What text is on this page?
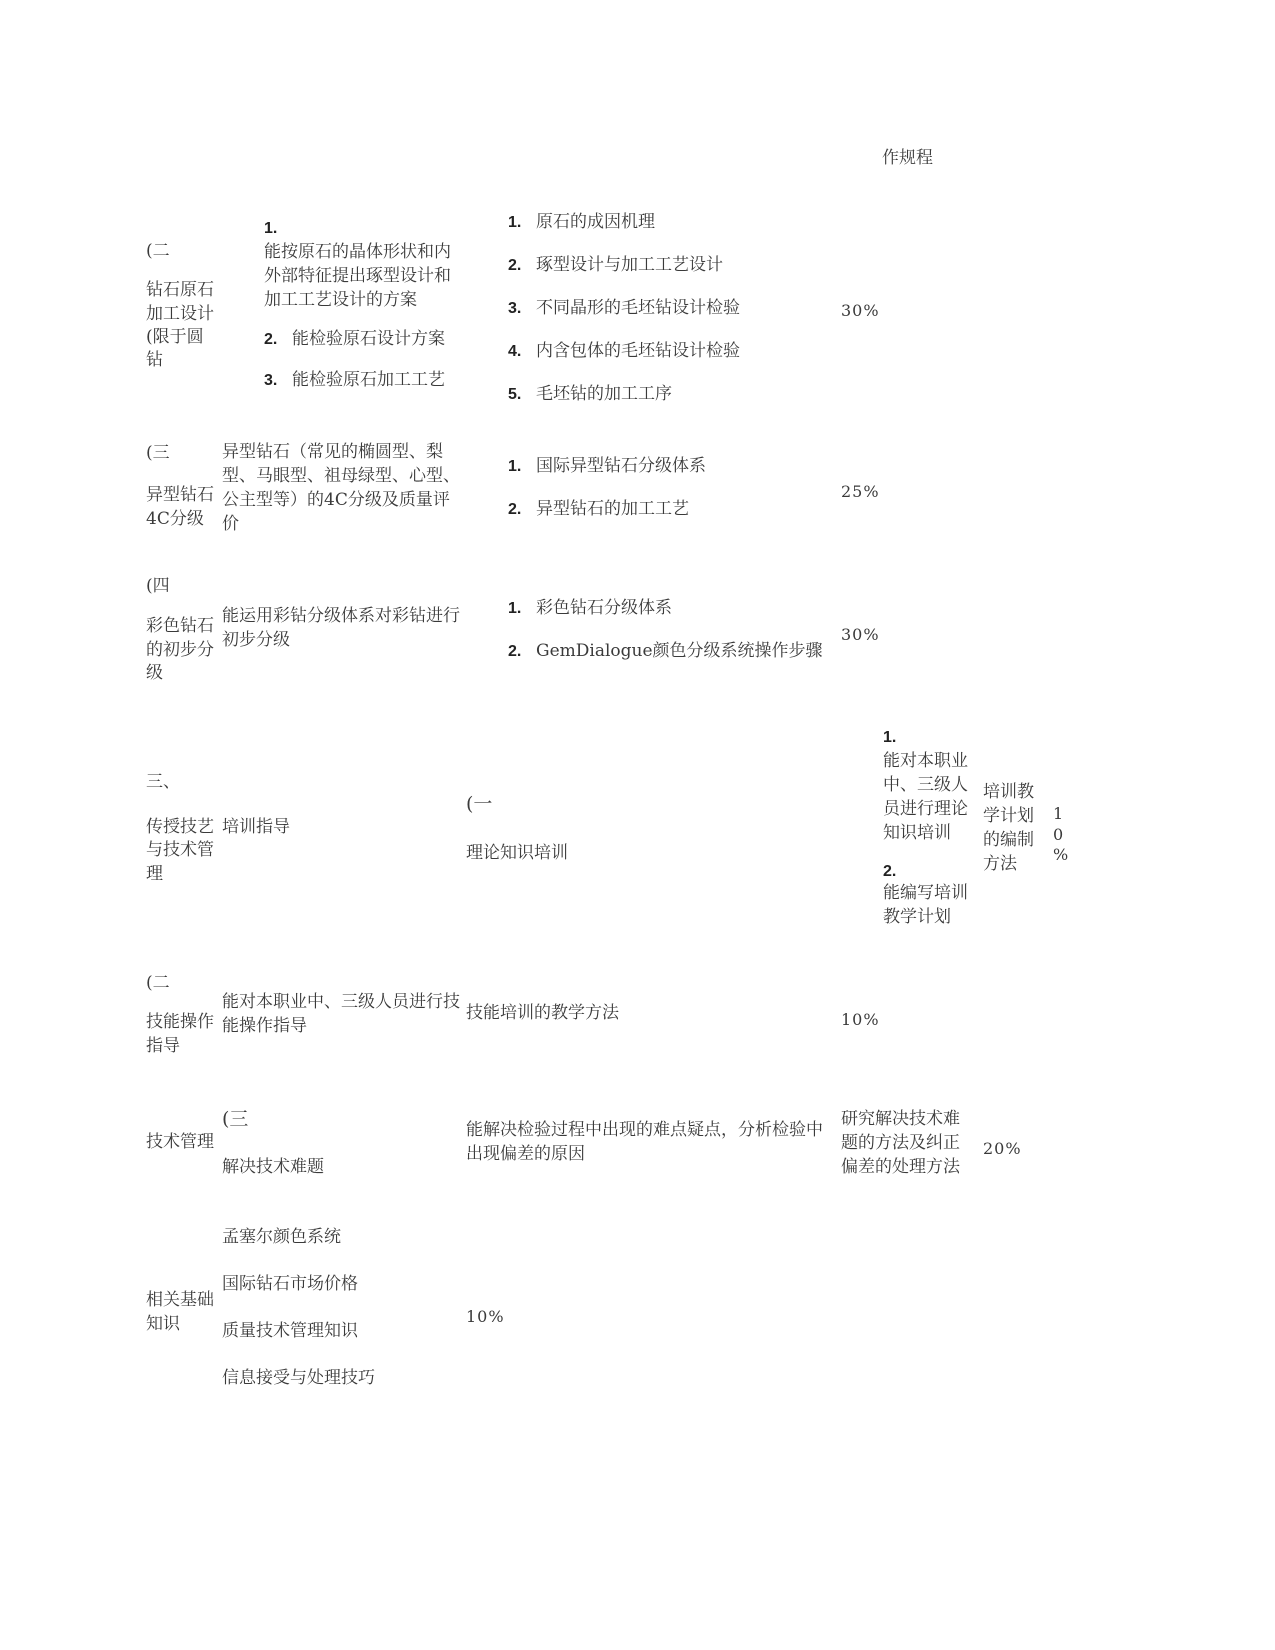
作规程
(二
钻石原石
加工设计
(限于圆
钻
1.
能按原石的晶体形状和内外部特征提出琢型设计和加工工艺设计的方案
2. 能检验原石设计方案
3. 能检验原石加工工艺
1. 原石的成因机理
2. 琢型设计与加工工艺设计
3. 不同晶形的毛坯钻设计检验
4. 内含包体的毛坯钻设计检验
5. 毛坯钻的加工工序
30%
(三
异型钻石
4C分级
异型钻石（常见的椭圆型、梨型、马眼型、祖母绿型、心型、公主型等）的4C分级及质量评价
1. 国际异型钻石分级体系
2. 异型钻石的加工工艺
25%
(四
彩色钻石
的初步分
级
能运用彩钻分级体系对彩钻进行初步分级
1. 彩色钻石分级体系
2. GemDialogue颜色分级系统操作步骤
30%
三、
传授技艺
与技术管
理
培训指导
(一
理论知识培训
1.
能对本职业中、三级人员进行理论知识培训
2.
能编写培训教学计划
培训教学计划的编制方法
1
0
%
(二
技能操作
指导
能对本职业中、三级人员进行技能操作指导
技能培训的教学方法	10%
技术管理
(三
解决技术难题
能解决检验过程中出现的难点疑点，分析检验中出现偏差的原因
研究解决技术难题的方法及纠正偏差的处理方法
20%
相关基础知识
孟塞尔颜色系统
国际钻石市场价格
质量技术管理知识
信息接受与处理技巧
10%
